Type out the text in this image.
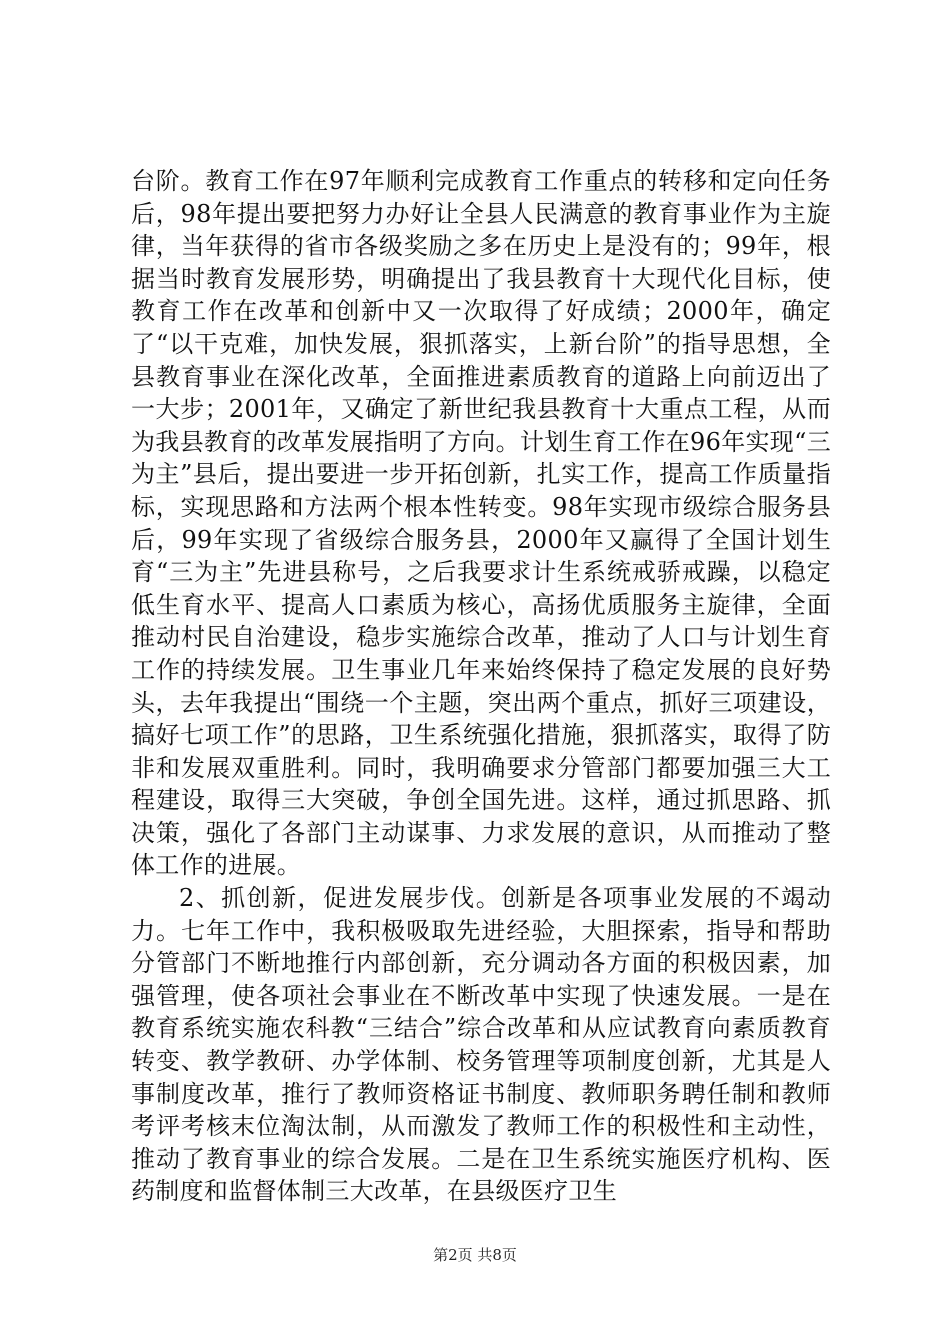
台阶。教育工作在97年顺利完成教育工作重点的转移和定向任务后，98年提出要把努力办好让全县人民满意的教育事业作为主旋律，当年获得的省市各级奖励之多在历史上是没有的；99年，根据当时教育发展形势，明确提出了我县教育十大现代化目标，使教育工作在改革和创新中又一次取得了好成绩；2000年，确定了“以干克难，加快发展，狠抓落实，上新台阶”的指导思想，全县教育事业在深化改革，全面推进素质教育的道路上向前迈出了一大步；2001年，又确定了新世纪我县教育十大重点工程，从而为我县教育的改革发展指明了方向。计划生育工作在96年实现“三为主”县后，提出要进一步开拓创新，扎实工作，提高工作质量指标，实现思路和方法两个根本性转变。98年实现市级综合服务县后，99年实现了省级综合服务县，2000年又赢得了全国计划生育“三为主”先进县称号，之后我要求计生系统戒骄戒躁，以稳定低生育水平、提高人口素质为核心，高扬优质服务主旋律，全面推动村民自治建设，稳步实施综合改革，推动了人口与计划生育工作的持续发展。卫生事业几年来始终保持了稳定发展的良好势头，去年我提出“围绕一个主题，突出两个重点，抓好三项建设，搞好七项工作”的思路，卫生系统强化措施，狠抓落实，取得了防非和发展双重胜利。同时，我明确要求分管部门都要加强三大工程建设，取得三大突破，争创全国先进。这样，通过抓思路、抓决策，强化了各部门主动谋事、力求发展的意识，从而推动了整体工作的进展。

2、抓创新，促进发展步伐。创新是各项事业发展的不竭动力。七年工作中，我积极吸取先进经验，大胆探索，指导和帮助分管部门不断地推行内部创新，充分调动各方面的积极因素，加强管理，使各项社会事业在不断改革中实现了快速发展。一是在教育系统实施农科教“三结合”综合改革和从应试教育向素质教育转变、教学教研、办学体制、校务管理等项制度创新，尤其是人事制度改革，推行了教师资格证书制度、教师职务聘任制和教师考评考核末位淘汰制，从而激发了教师工作的积极性和主动性，推动了教育事业的综合发展。二是在卫生系统实施医疗机构、医药制度和监督体制三大改革，在县级医疗卫生

第2页 共8页
